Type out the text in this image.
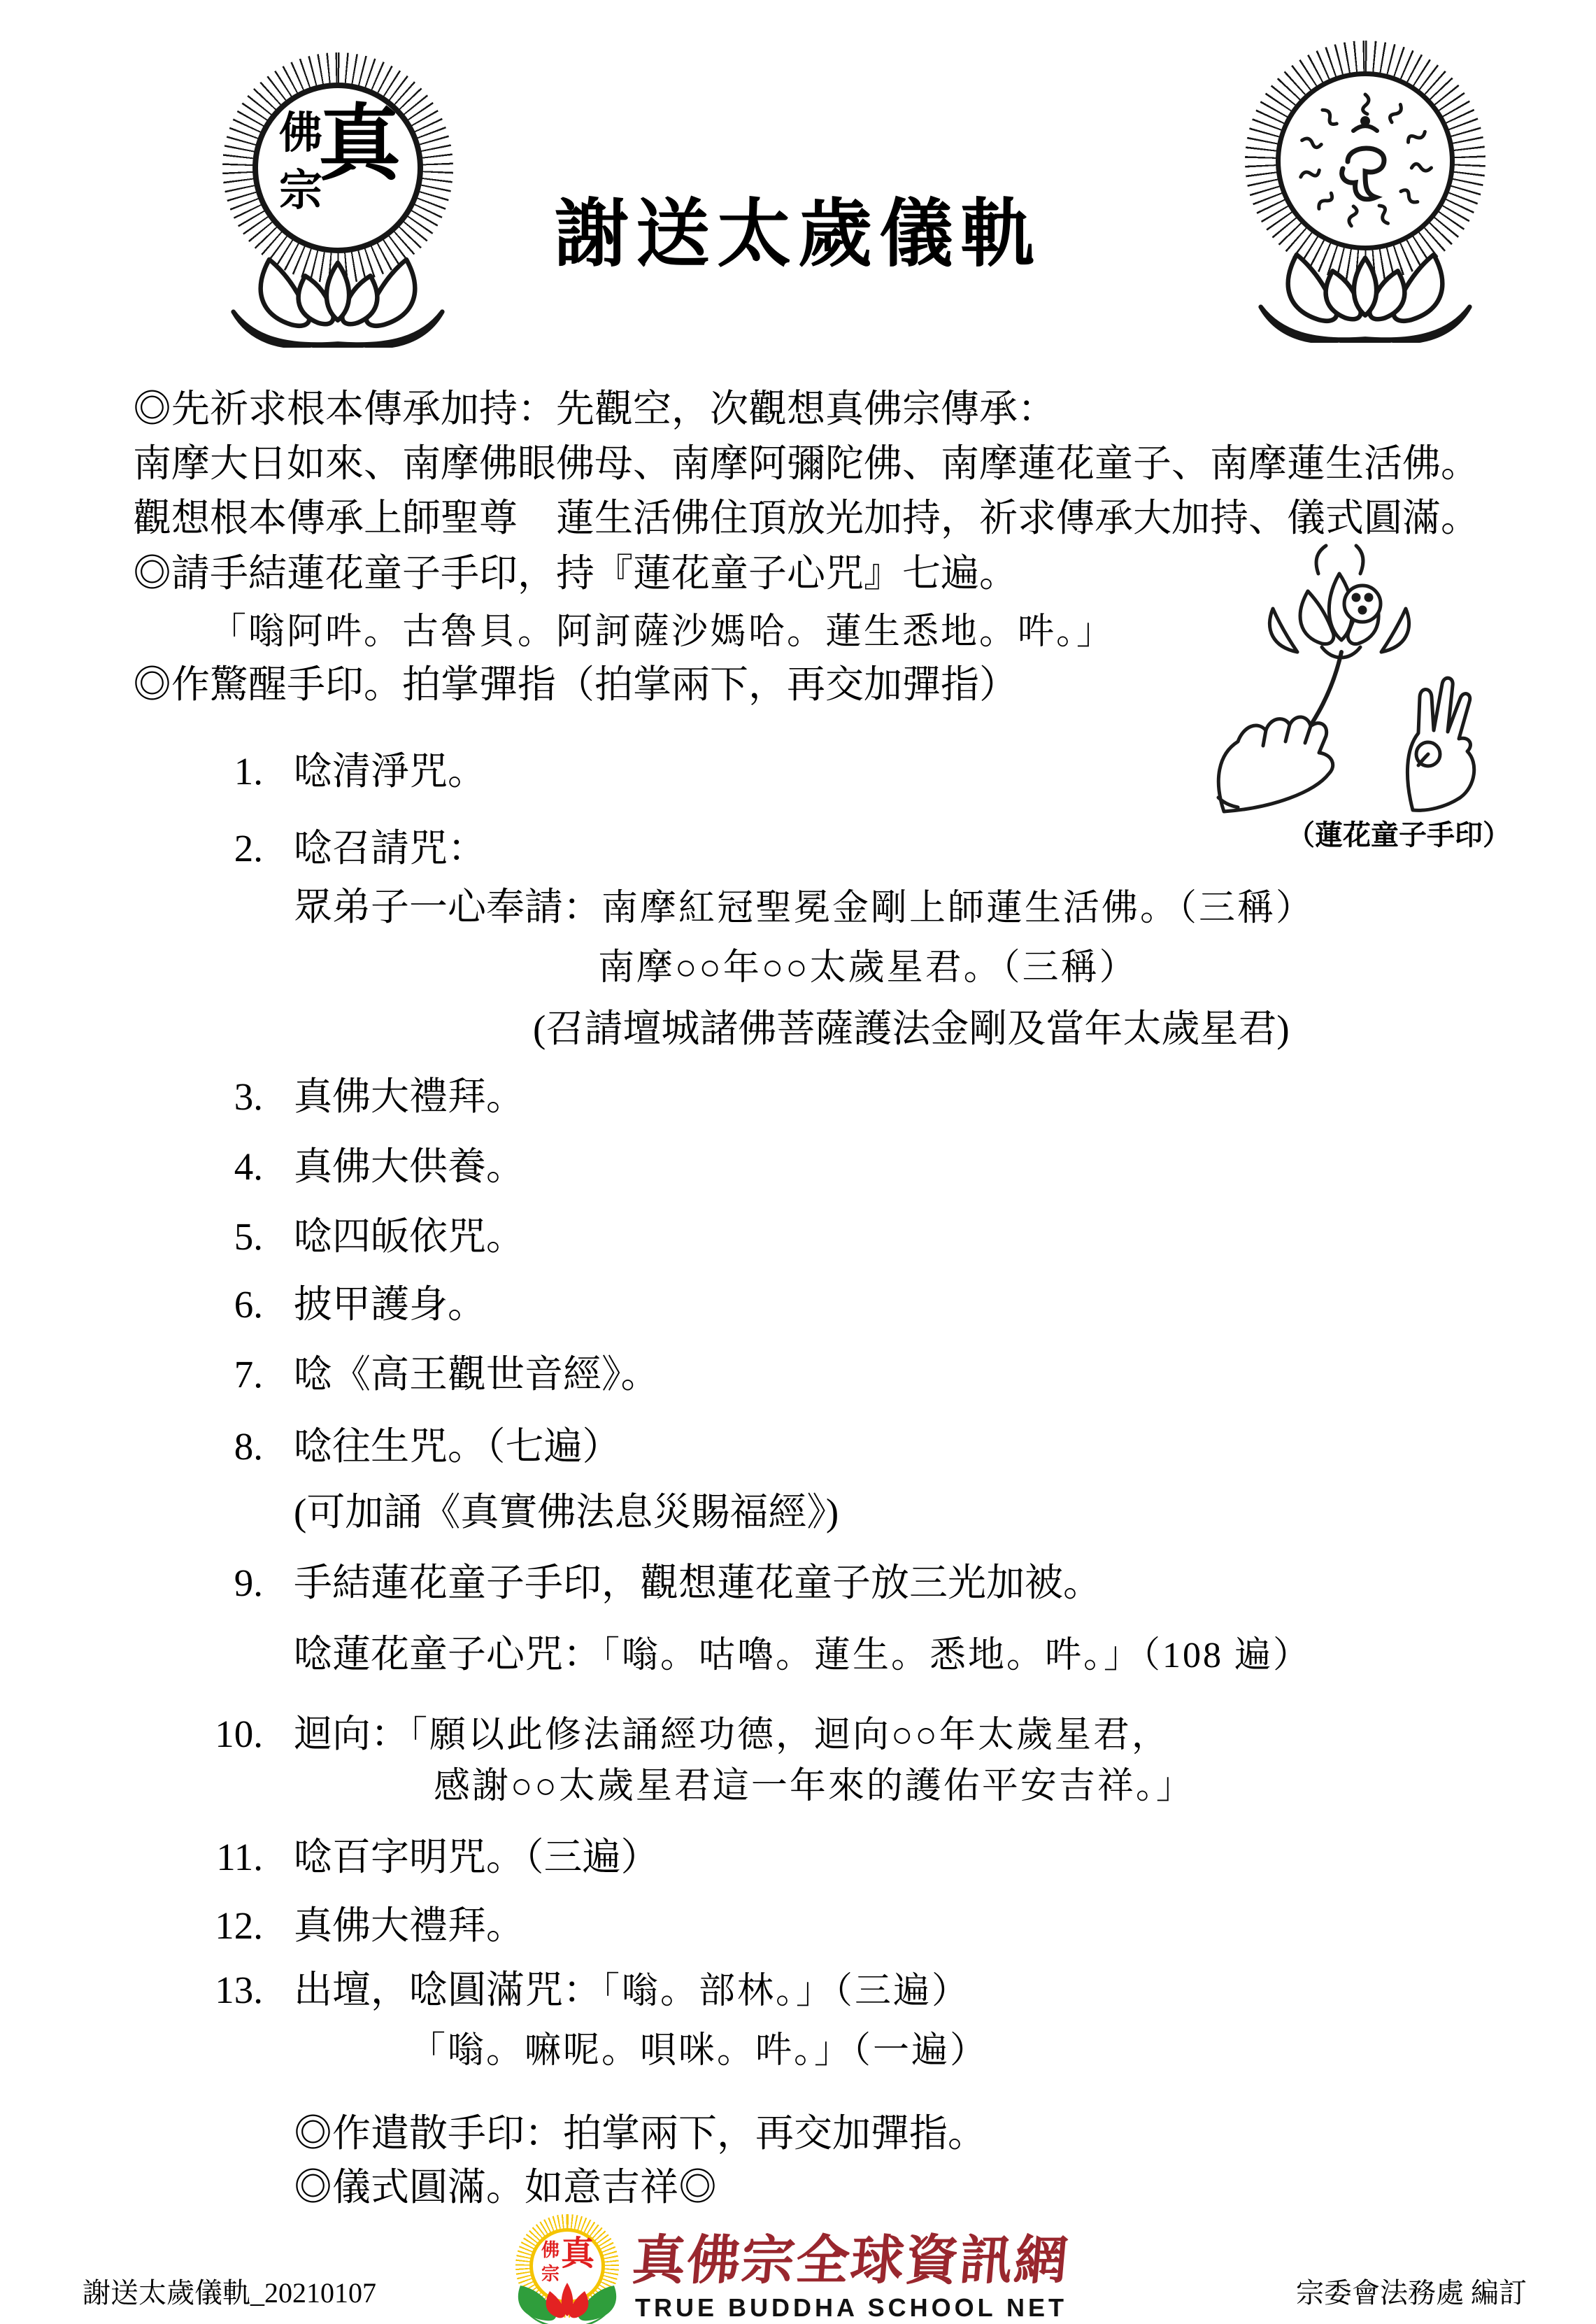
真
佛
宗
謝送太歲儀軌
◎先祈求根本傳承加持：先觀空，次觀想真佛宗傳承：
南摩大日如來、南摩佛眼佛母、南摩阿彌陀佛、南摩蓮花童子、南摩蓮生活佛。
觀想根本傳承上師聖尊　蓮生活佛住頂放光加持，祈求傳承大加持、儀式圓滿。
◎請手結蓮花童子手印，持『蓮花童子心咒』七遍。
「嗡阿吽。古魯貝。阿訶薩沙媽哈。蓮生悉地。吽。」
◎作驚醒手印。拍掌彈指（拍掌兩下，再交加彈指）
（蓮花童子手印）
1. 唸清淨咒。
2. 唸召請咒：
眾弟子一心奉請：南摩紅冠聖冕金剛上師蓮生活佛。（三稱）
南摩○○年○○太歲星君。（三稱）
(召請壇城諸佛菩薩護法金剛及當年太歲星君)
3. 真佛大禮拜。
4. 真佛大供養。
5. 唸四皈依咒。
6. 披甲護身。
7. 唸《高王觀世音經》。
8. 唸往生咒。（七遍）
(可加誦《真實佛法息災賜福經》)
9. 手結蓮花童子手印，觀想蓮花童子放三光加被。
唸蓮花童子心咒：「嗡。咕嚕。蓮生。悉地。吽。」（108 遍）
10. 迴向：「願以此修法誦經功德，迴向○○年太歲星君，
感謝○○太歲星君這一年來的護佑平安吉祥。」
11. 唸百字明咒。（三遍）
12. 真佛大禮拜。
13. 出壇，唸圓滿咒：「嗡。部林。」（三遍）
「嗡。嘛呢。唄咪。吽。」（一遍）
◎作遣散手印：拍掌兩下，再交加彈指。
◎儀式圓滿。如意吉祥◎
謝送太歲儀軌_20210107
真
佛
宗 真佛宗全球資訊網
TRUE BUDDHA SCHOOL NET	宗委會法務處 編訂
